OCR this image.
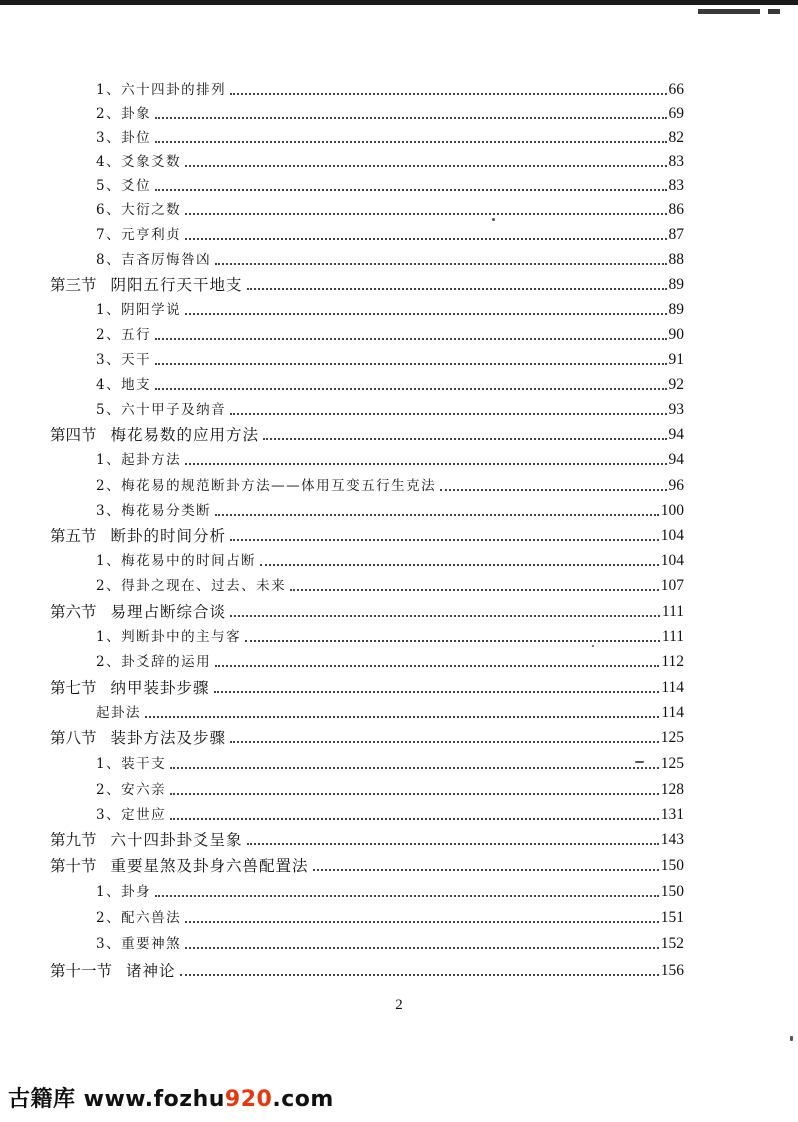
1、六十四卦的排列	66
2、卦象	69
3、卦位	82
4、爻象爻数	83
5、爻位	83
6、大衍之数	86
7、元亨利贞	87
8、吉吝厉悔咎凶	88
第三节 阴阳五行天干地支	89
1、阴阳学说	89
2、五行	90
3、天干	91
4、地支	92
5、六十甲子及纳音	93
第四节 梅花易数的应用方法	94
1、起卦方法	94
2、梅花易的规范断卦方法——体用互变五行生克法	96
3、梅花易分类断	100
第五节 断卦的时间分析	104
1、梅花易中的时间占断	104
2、得卦之现在、过去、未来	107
第六节 易理占断综合谈	111
1、判断卦中的主与客	111
2、卦爻辞的运用	112
第七节 纳甲装卦步骤	114
起卦法	114
第八节 装卦方法及步骤	125
1、装干支	125
2、安六亲	128
3、定世应	131
第九节 六十四卦卦爻呈象	143
第十节 重要星煞及卦身六兽配置法	150
1、卦身	150
2、配六兽法	151
3、重要神煞	152
第十一节 诸神论	156
2
古籍库 www.fozhu920.com
